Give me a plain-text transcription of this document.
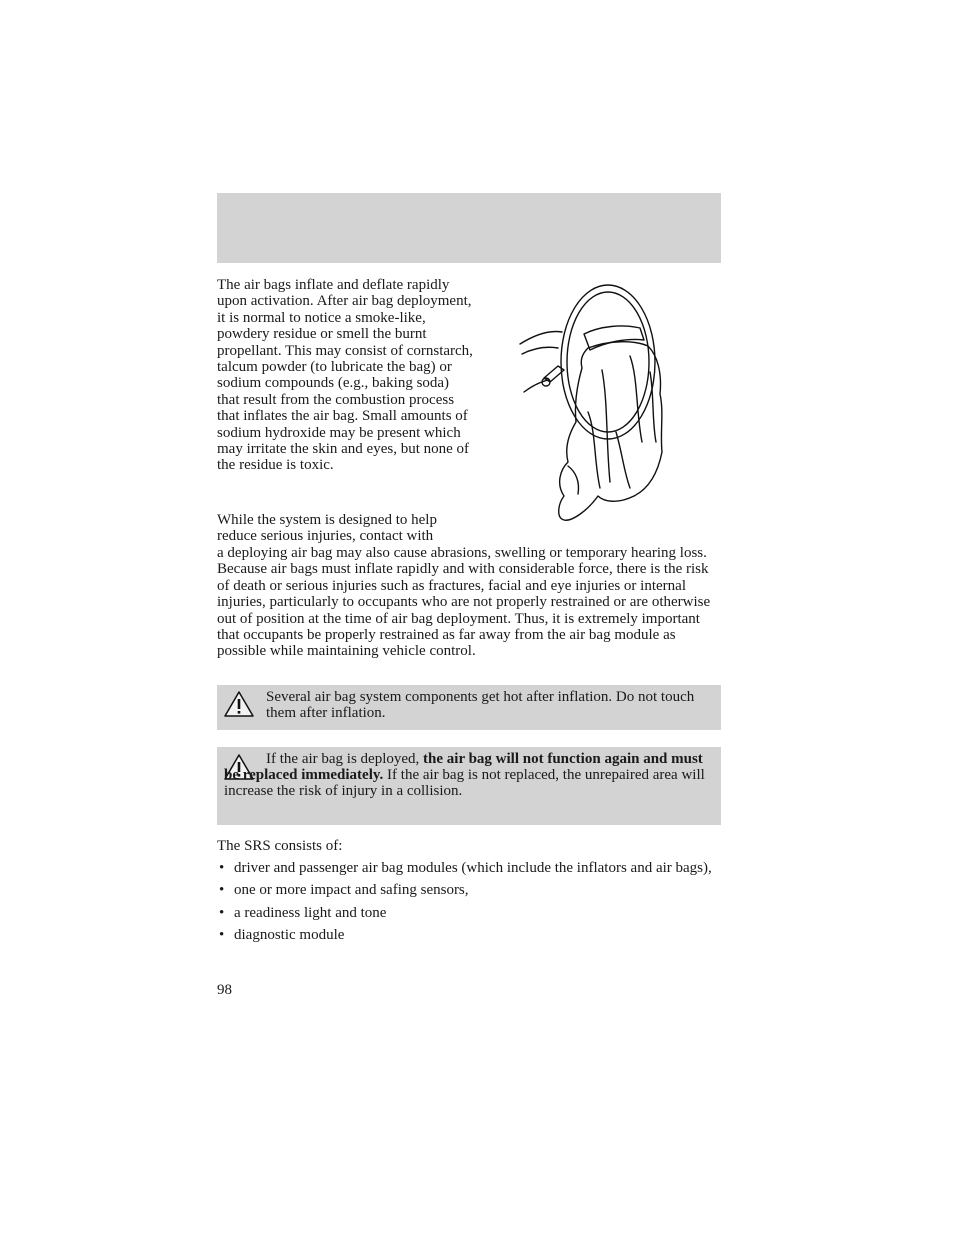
The air bags inflate and deflate rapidly upon activation. After air bag deployment, it is normal to notice a smoke-like, powdery residue or smell the burnt propellant. This may consist of cornstarch, talcum powder (to lubricate the bag) or sodium compounds (e.g., baking soda) that result from the combustion process that inflates the air bag. Small amounts of sodium hydroxide may be present which may irritate the skin and eyes, but none of the residue is toxic.

While the system is designed to help reduce serious injuries, contact with

a deploying air bag may also cause abrasions, swelling or temporary hearing loss. Because air bags must inflate rapidly and with considerable force, there is the risk of death or serious injuries such as fractures, facial and eye injuries or internal injuries, particularly to occupants who are not properly restrained or are otherwise out of position at the time of air bag deployment. Thus, it is extremely important that occupants be properly restrained as far away from the air bag module as possible while maintaining vehicle control.

Several air bag system components get hot after inflation. Do not touch them after inflation.

If the air bag is deployed, the air bag will not function again and must be replaced immediately. If the air bag is not replaced, the unrepaired area will increase the risk of injury in a collision.

The SRS consists of:

• driver and passenger air bag modules (which include the inflators and air bags),
• one or more impact and safing sensors,
• a readiness light and tone
• diagnostic module

98
